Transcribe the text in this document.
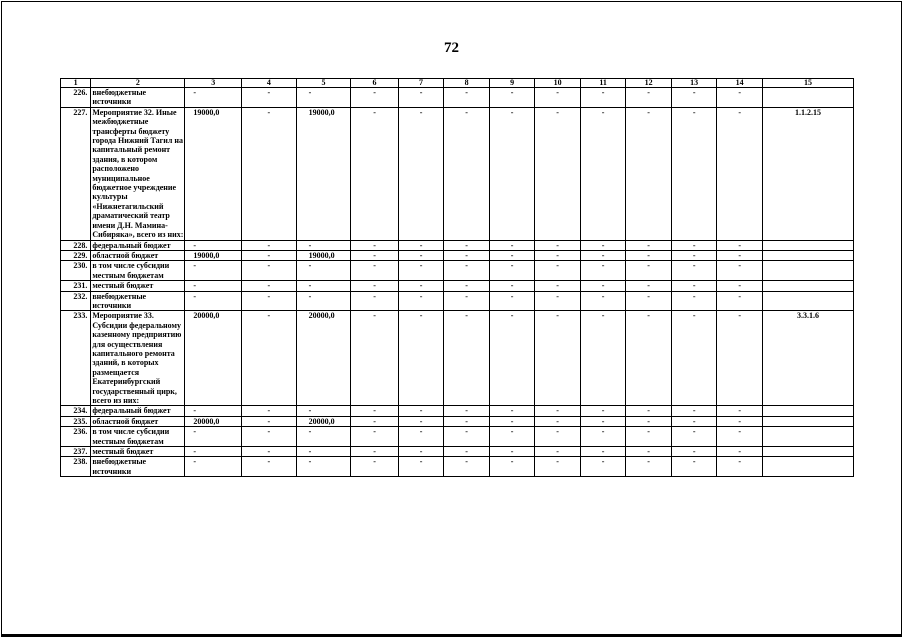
72
1	2	3	4	5	6	7	8	9	10	11	12	13	14	15
226.	внебюджетные источники	-	-	-	-	-	-	-	-	-	-	-	-	
227.	Мероприятие 32. Иные межбюджетные трансферты бюджету города Нижний Тагил на капитальный ремонт здания, в котором расположено муниципальное бюджетное учреждение культуры «Нижнетагильский драматический театр имени Д.Н. Мамина-Сибиряка», всего из них:	19000,0	-	19000,0	-	-	-	-	-	-	-	-	-	1.1.2.15
228.	федеральный бюджет	-	-	-	-	-	-	-	-	-	-	-	-	
229.	областной бюджет	19000,0	-	19000,0	-	-	-	-	-	-	-	-	-	
230.	в том числе субсидии местным бюджетам	-	-	-	-	-	-	-	-	-	-	-	-	
231.	местный бюджет	-	-	-	-	-	-	-	-	-	-	-	-	
232.	внебюджетные источники	-	-	-	-	-	-	-	-	-	-	-	-	
233.	Мероприятие 33. Субсидии федеральному казенному предприятию для осуществления капитального ремонта зданий, в которых размещается Екатеринбургский государственный цирк, всего из них:	20000,0	-	20000,0	-	-	-	-	-	-	-	-	-	3.3.1.6
234.	федеральный бюджет	-	-	-	-	-	-	-	-	-	-	-	-	
235.	областной бюджет	20000,0	-	20000,0	-	-	-	-	-	-	-	-	-	
236.	в том числе субсидии местным бюджетам	-	-	-	-	-	-	-	-	-	-	-	-	
237.	местный бюджет	-	-	-	-	-	-	-	-	-	-	-	-	
238.	внебюджетные источники	-	-	-	-	-	-	-	-	-	-	-	-	
